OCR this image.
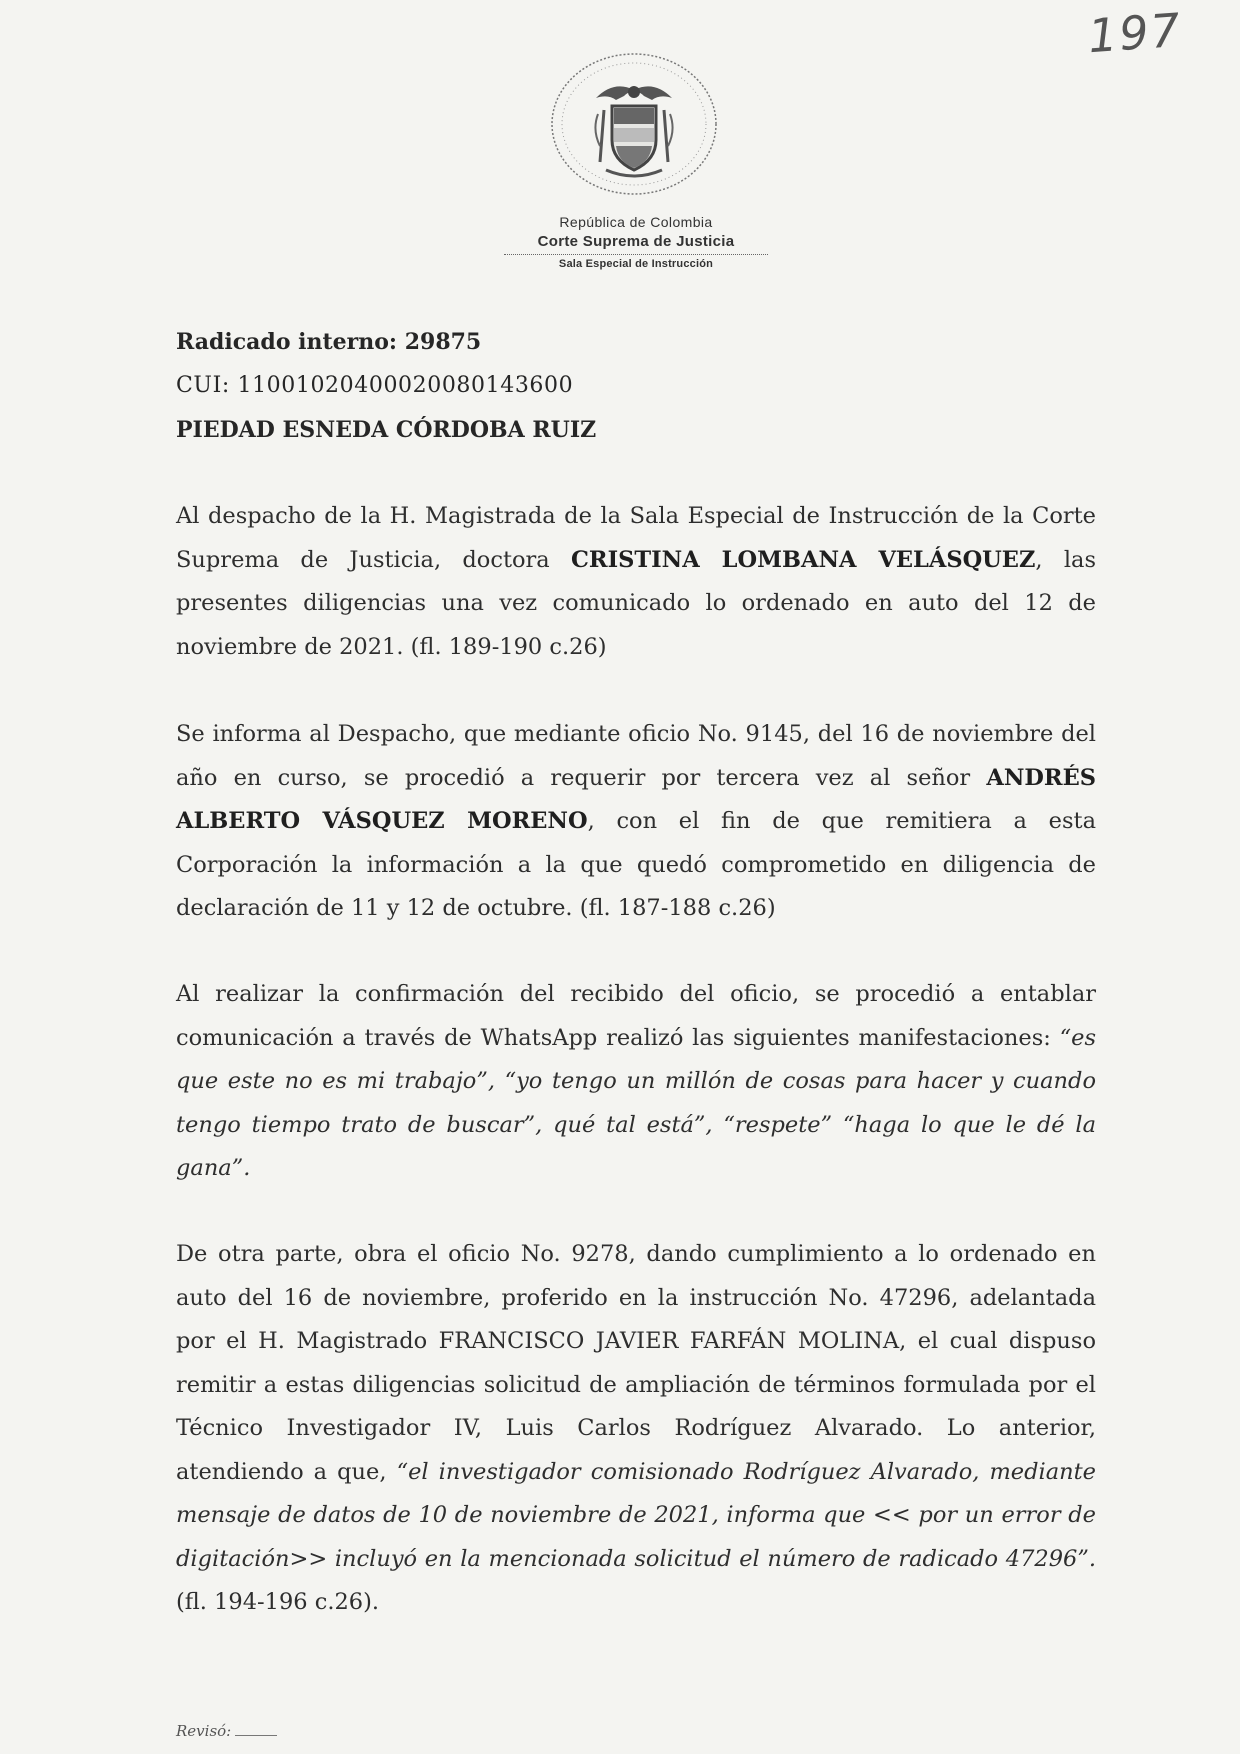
197
República de Colombia
Corte Suprema de Justicia
Sala Especial de Instrucción
Radicado interno: 29875
CUI: 11001020400020080143600
PIEDAD ESNEDA CÓRDOBA RUIZ

Al despacho de la H. Magistrada de la Sala Especial de Instrucción de la Corte Suprema de Justicia, doctora CRISTINA LOMBANA VELÁSQUEZ, las presentes diligencias una vez comunicado lo ordenado en auto del 12 de noviembre de 2021. (fl. 189-190 c.26)

Se informa al Despacho, que mediante oficio No. 9145, del 16 de noviembre del año en curso, se procedió a requerir por tercera vez al señor ANDRÉS ALBERTO VÁSQUEZ MORENO, con el fin de que remitiera a esta Corporación la información a la que quedó comprometido en diligencia de declaración de 11 y 12 de octubre. (fl. 187-188 c.26)

Al realizar la confirmación del recibido del oficio, se procedió a entablar comunicación a través de WhatsApp realizó las siguientes manifestaciones: “es que este no es mi trabajo”, “yo tengo un millón de cosas para hacer y cuando tengo tiempo trato de buscar”, qué tal está”, “respete” “haga lo que le dé la gana”.

De otra parte, obra el oficio No. 9278, dando cumplimiento a lo ordenado en auto del 16 de noviembre, proferido en la instrucción No. 47296, adelantada por el H. Magistrado FRANCISCO JAVIER FARFÁN MOLINA, el cual dispuso remitir a estas diligencias solicitud de ampliación de términos formulada por el Técnico Investigador IV, Luis Carlos Rodríguez Alvarado. Lo anterior, atendiendo a que, “el investigador comisionado Rodríguez Alvarado, mediante mensaje de datos de 10 de noviembre de 2021, informa que << por un error de digitación>> incluyó en la mencionada solicitud el número de radicado 47296”. (fl. 194-196 c.26).

Revisó:
